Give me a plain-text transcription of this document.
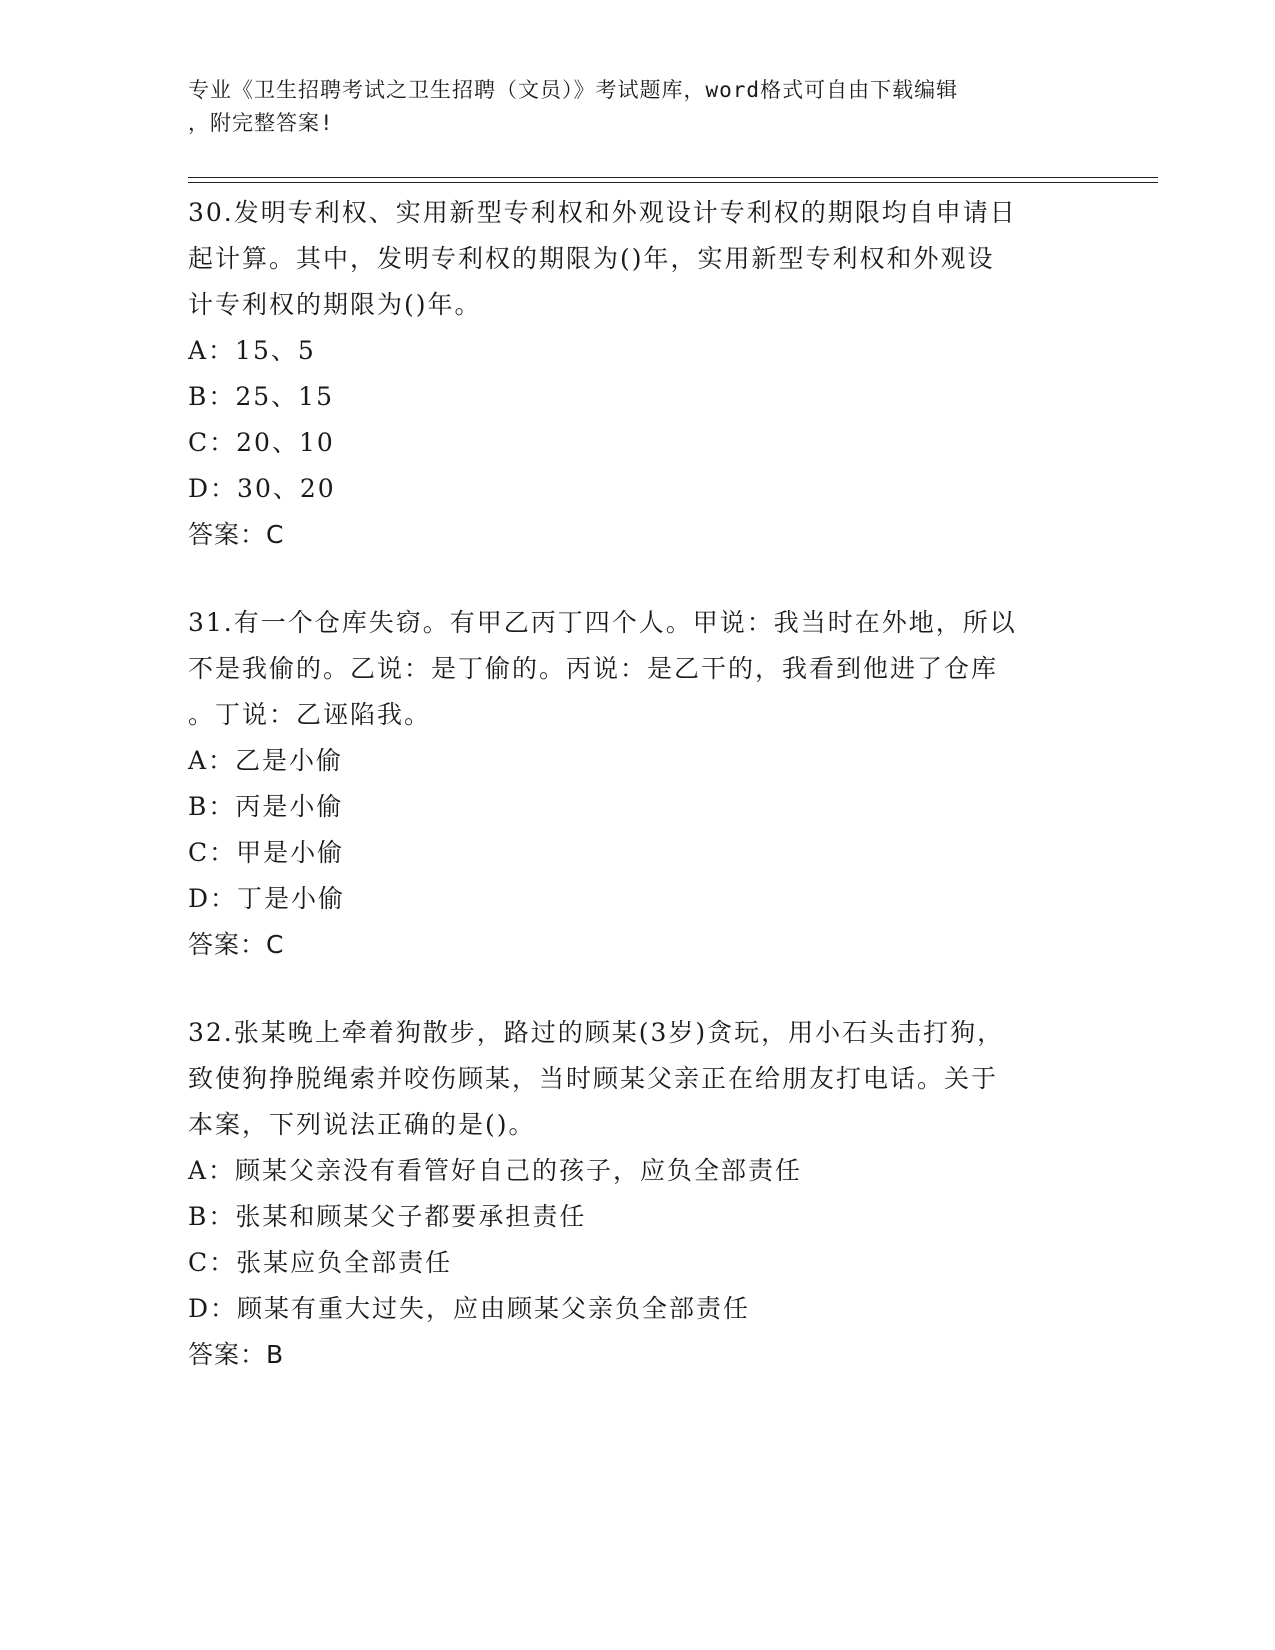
专业《卫生招聘考试之卫生招聘（文员）》考试题库，word格式可自由下载编辑
，附完整答案!
30.发明专利权、实用新型专利权和外观设计专利权的期限均自申请日
起计算。其中，发明专利权的期限为()年，实用新型专利权和外观设
计专利权的期限为()年。
A：15、5
B：25、15
C：20、10
D：30、20
答案：C
31.有一个仓库失窃。有甲乙丙丁四个人。甲说：我当时在外地，所以
不是我偷的。乙说：是丁偷的。丙说：是乙干的，我看到他进了仓库
。丁说：乙诬陷我。
A：乙是小偷
B：丙是小偷
C：甲是小偷
D：丁是小偷
答案：C
32.张某晚上牵着狗散步，路过的顾某(3岁)贪玩，用小石头击打狗，
致使狗挣脱绳索并咬伤顾某，当时顾某父亲正在给朋友打电话。关于
本案，下列说法正确的是()。
A：顾某父亲没有看管好自己的孩子，应负全部责任
B：张某和顾某父子都要承担责任
C：张某应负全部责任
D：顾某有重大过失，应由顾某父亲负全部责任
答案：B
